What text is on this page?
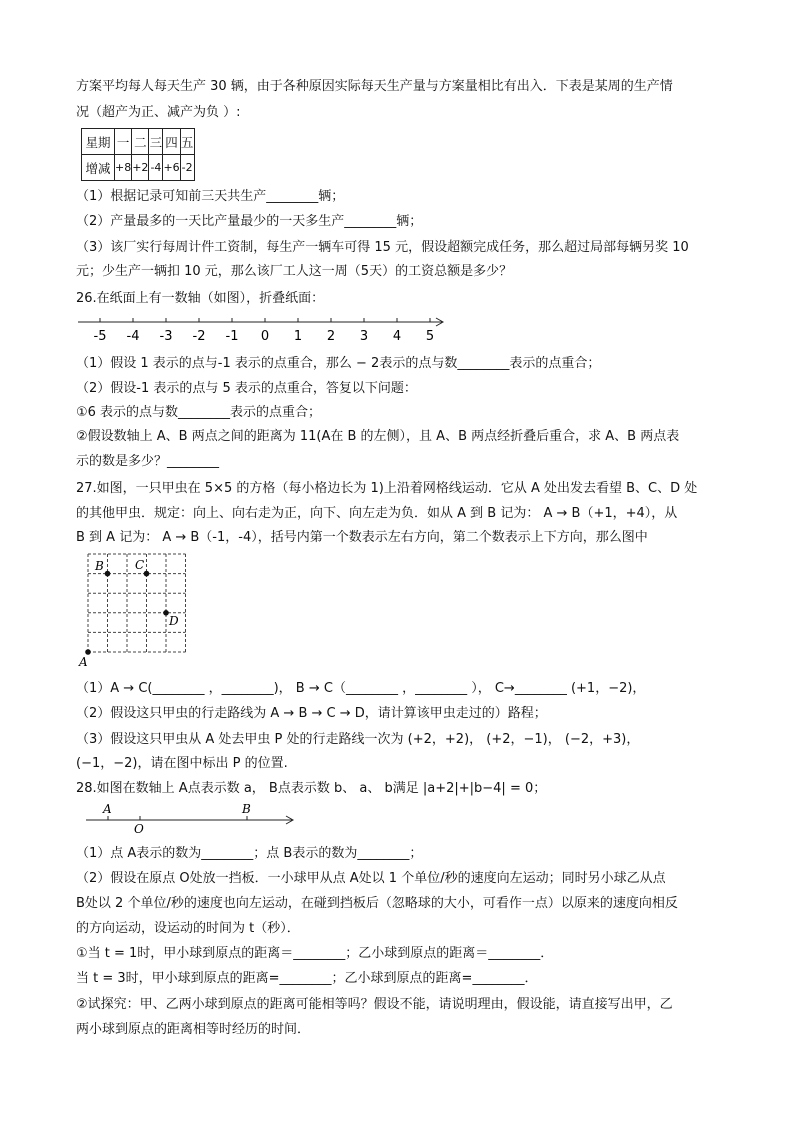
方案平均每人每天生产 30 辆，由于各种原因实际每天生产量与方案量相比有出入．下表是某周的生产情
况（超产为正、减产为负 ）:
星期	一	二	三	四	五
增减	+8	+2	-4	+6	-2
（1）根据记录可知前三天共生产________辆；
（2）产量最多的一天比产量最少的一天多生产________辆；
（3）该厂实行每周计件工资制，每生产一辆车可得 15 元，假设超额完成任务，那么超过局部每辆另奖 10
元；少生产一辆扣 10 元，那么该厂工人这一周（5天）的工资总额是多少？
26.在纸面上有一数轴（如图），折叠纸面：
-5 -4 -3 -2 -1 0 1 2 3 4 5
（1）假设 1 表示的点与-1 表示的点重合，那么 − 2表示的点与数________表示的点重合；
（2）假设-1 表示的点与 5 表示的点重合，答复以下问题：
①6 表示的点与数________表示的点重合；
②假设数轴上 A、B 两点之间的距离为 11(A在 B 的左侧），且 A、B 两点经折叠后重合，求 A、B 两点表
示的数是多少？________
27.如图，一只甲虫在 5×5 的方格（每小格边长为 1)上沿着网格线运动．它从 A 处出发去看望 B、C、D 处
的其他甲虫．规定：向上、向右走为正，向下、向左走为负．如从 A 到 B 记为： A → B（+1，+4），从
B 到 A 记为： A → B（-1，-4），括号内第一个数表示左右方向，第二个数表示上下方向，那么图中
A
B	C
D
（1）A → C(________ ，________)， B → C（________ ，________ ）， C→________ (+1，−2)，
（2）假设这只甲虫的行走路线为 A → B → C → D，请计算该甲虫走过的）路程；
（3）假设这只甲虫从 A 处去甲虫 P 处的行走路线一次为 (+2，+2)， (+2，−1)， (−2，+3)，
(−1，−2)，请在图中标出 P 的位置.
28.如图在数轴上 A点表示数 a， B点表示数 b、 a、 b满足 |a+2|+|b−4| = 0；
A	B
O
（1）点 A表示的数为________；点 B表示的数为________；
（2）假设在原点 O处放一挡板．一小球甲从点 A处以 1 个单位/秒的速度向左运动；同时另小球乙从点
B处以 2 个单位/秒的速度也向左运动，在碰到挡板后（忽略球的大小，可看作一点）以原来的速度向相反
的方向运动，设运动的时间为 t（秒）．
①当 t = 1时，甲小球到原点的距离＝________；乙小球到原点的距离＝________．
当 t = 3时，甲小球到原点的距离=________；乙小球到原点的距离=________．
②试探究：甲、乙两小球到原点的距离可能相等吗？假设不能，请说明理由，假设能，请直接写出甲，乙
两小球到原点的距离相等时经历的时间．
